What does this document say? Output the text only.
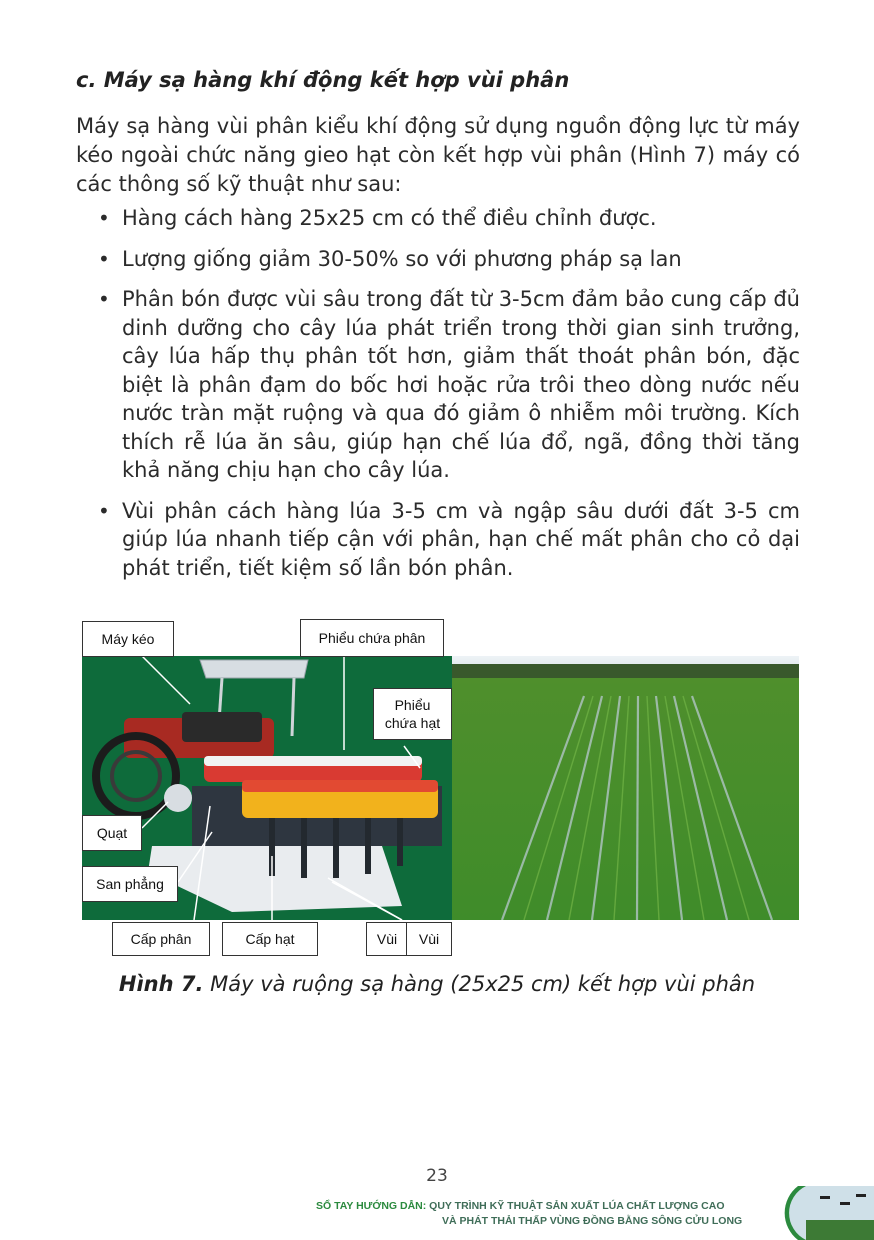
c. Máy sạ hàng khí động kết hợp vùi phân

Máy sạ hàng vùi phân kiểu khí động sử dụng nguồn động lực từ máy kéo ngoài chức năng gieo hạt còn kết hợp vùi phân (Hình 7) máy có các thông số kỹ thuật như sau:

• Hàng cách hàng 25x25 cm có thể điều chỉnh được.
• Lượng giống giảm 30-50% so với phương pháp sạ lan
• Phân bón được vùi sâu trong đất từ 3-5cm đảm bảo cung cấp đủ dinh dưỡng cho cây lúa phát triển trong thời gian sinh trưởng, cây lúa hấp thụ phân tốt hơn, giảm thất thoát phân bón, đặc biệt là phân đạm do bốc hơi hoặc rửa trôi theo dòng nước nếu nước tràn mặt ruộng và qua đó giảm ô nhiễm môi trường. Kích thích rễ lúa ăn sâu, giúp hạn chế lúa đổ, ngã, đồng thời tăng khả năng chịu hạn cho cây lúa.
• Vùi phân cách hàng lúa 3-5 cm và ngập sâu dưới đất 3-5 cm giúp lúa nhanh tiếp cận với phân, hạn chế mất phân cho cỏ dại phát triển, tiết kiệm số lần bón phân.
Máy kéo	Phiểu chứa phân
Phiểu chứa hạt
Quạt
San phẳng
Cấp phân	Cấp hạt	Vùi	Vùi
Hình 7. Máy và ruộng sạ hàng (25x25 cm) kết hợp vùi phân
23
SỔ TAY HƯỚNG DẪN: QUY TRÌNH KỸ THUẬT SẢN XUẤT LÚA CHẤT LƯỢNG CAO
VÀ PHÁT THẢI THẤP VÙNG ĐỒNG BẰNG SÔNG CỬU LONG
